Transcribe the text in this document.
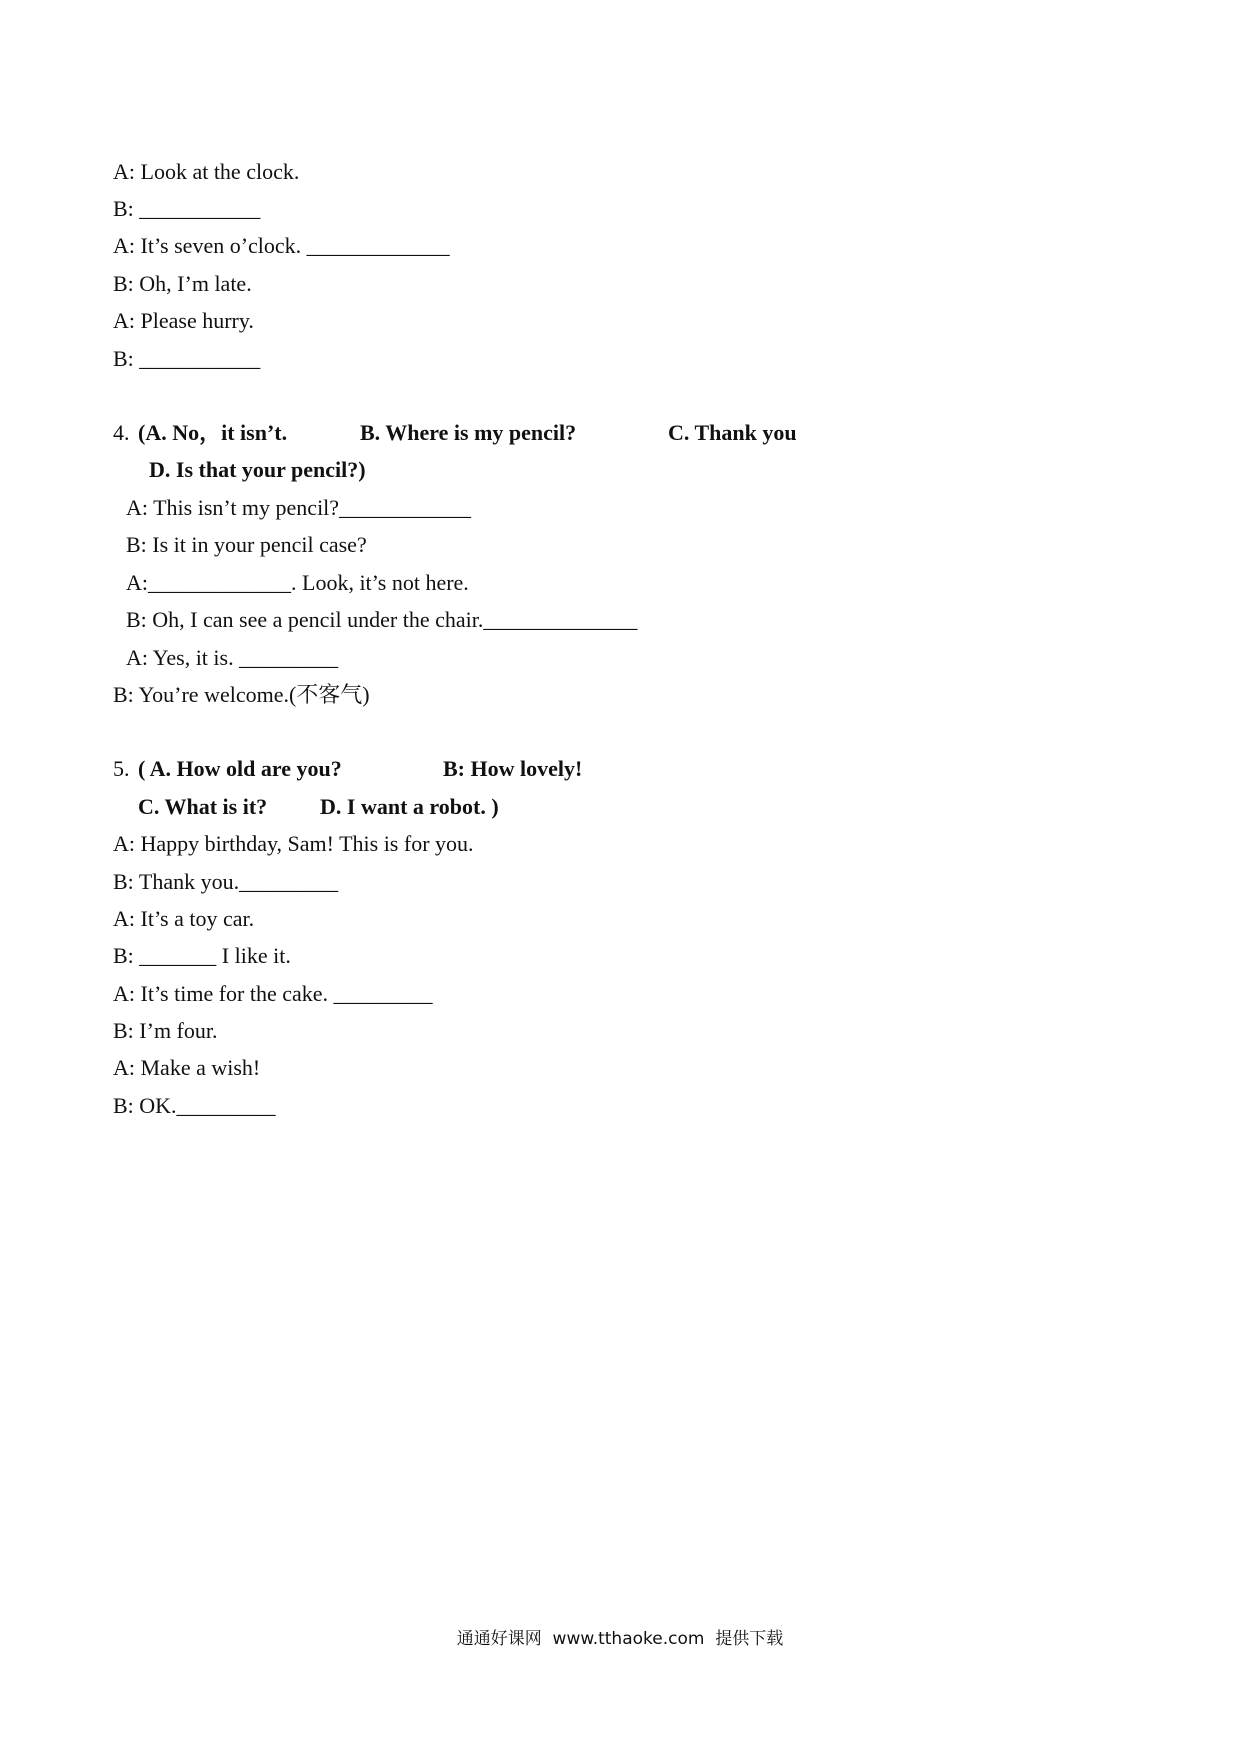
A: Look at the clock.
B: ___________
A: It’s seven o’clock. _____________
B: Oh, I’m late.
A: Please hurry.
B: ___________
4. (A. No，it isn’t.	B. Where is my pencil?	C. Thank you
D. Is that your pencil?)
A: This isn’t my pencil?____________
B: Is it in your pencil case?
A:_____________. Look, it’s not here.
B: Oh, I can see a pencil under the chair.______________
A: Yes, it is. _________
B: You’re welcome.(不客气)
5. ( A. How old are you?	B: How lovely!
C. What is it? D. I want a robot. )
A: Happy birthday, Sam! This is for you.
B: Thank you._________
A: It’s a toy car.
B: _______ I like it.
A: It’s time for the cake. _________
B: I’m four.
A: Make a wish!
B: OK._________
通通好课网  www.tthaoke.com  提供下载
